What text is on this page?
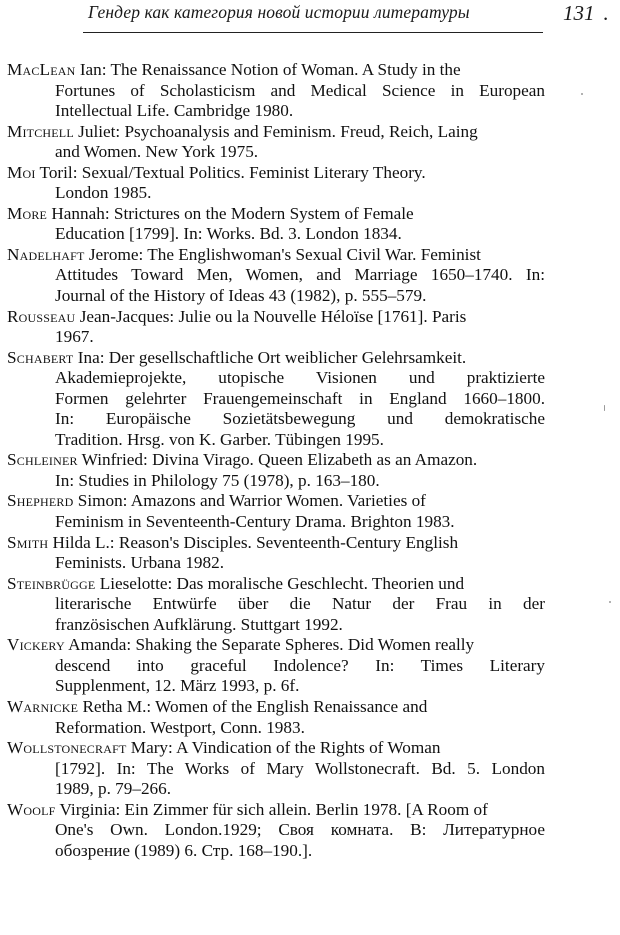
Гендер как категория новой истории литературы	131 .
MacLean Ian: The Renaissance Notion of Woman. A Study in the
Fortunes of Scholasticism and Medical Science in European
Intellectual Life. Cambridge 1980.
Mitchell Juliet: Psychoanalysis and Feminism. Freud, Reich, Laing
and Women. New York 1975.
Moi Toril: Sexual/Textual Politics. Feminist Literary Theory.
London 1985.
More Hannah: Strictures on the Modern System of Female
Education [1799]. In: Works. Bd. 3. London 1834.
Nadelhaft Jerome: The Englishwoman's Sexual Civil War. Feminist
Attitudes Toward Men, Women, and Marriage 1650–1740. In:
Journal of the History of Ideas 43 (1982), p. 555–579.
Rousseau Jean-Jacques: Julie ou la Nouvelle Héloïse [1761]. Paris
1967.
Schabert Ina: Der gesellschaftliche Ort weiblicher Gelehrsamkeit.
Akademieprojekte, utopische Visionen und praktizierte
Formen gelehrter Frauengemeinschaft in England 1660–1800.
In: Europäische Sozietätsbewegung und demokratische
Tradition. Hrsg. von K. Garber. Tübingen 1995.
Schleiner Winfried: Divina Virago. Queen Elizabeth as an Amazon.
In: Studies in Philology 75 (1978), p. 163–180.
Shepherd Simon: Amazons and Warrior Women. Varieties of
Feminism in Seventeenth-Century Drama. Brighton 1983.
Smith Hilda L.: Reason's Disciples. Seventeenth-Century English
Feminists. Urbana 1982.
Steinbrügge Lieselotte: Das moralische Geschlecht. Theorien und
literarische Entwürfe über die Natur der Frau in der
französischen Aufklärung. Stuttgart 1992.
Vickery Amanda: Shaking the Separate Spheres. Did Women really
descend into graceful Indolence? In: Times Literary
Supplenment, 12. März 1993, p. 6f.
Warnicke Retha M.: Women of the English Renaissance and
Reformation. Westport, Conn. 1983.
Wollstonecraft Mary: A Vindication of the Rights of Woman
[1792]. In: The Works of Mary Wollstonecraft. Bd. 5. London
1989, p. 79–266.
Woolf Virginia: Ein Zimmer für sich allein. Berlin 1978. [A Room of
One's Own. London.1929; Своя комната. В: Литературное
обозрение (1989) 6. Стр. 168–190.].
